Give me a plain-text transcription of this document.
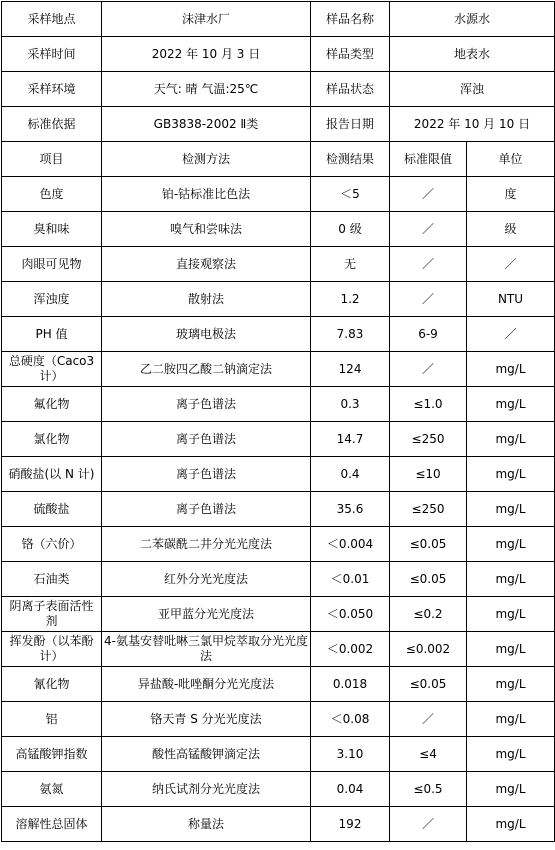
采样地点	沫津水厂	样品名称	水源水	
采样时间	2022 年 10 月 3 日	样品类型	地表水	
采样环境	天气: 晴 气温:25℃	样品状态	浑浊	
标准依据	GB3838-2002 Ⅱ类	报告日期	2022 年 10 月 10 日	
项目	检测方法	检测结果	标准限值	单位
色度	铂-钴标准比色法	＜5	／	度
臭和味	嗅气和尝味法	0 级	／	级
肉眼可见物	直接观察法	无	／	／
浑浊度	散射法	1.2	／	NTU
PH 值	玻璃电极法	7.83	6-9	／
总硬度（Caco3 计）	乙二胺四乙酸二钠滴定法	124	／	mg/L
氟化物	离子色谱法	0.3	≤1.0	mg/L
氯化物	离子色谱法	14.7	≤250	mg/L
硝酸盐(以 N 计)	离子色谱法	0.4	≤10	mg/L
硫酸盐	离子色谱法	35.6	≤250	mg/L
铬（六价）	二苯碳酰二井分光光度法	＜0.004	≤0.05	mg/L
石油类	红外分光光度法	＜0.01	≤0.05	mg/L
阴离子表面活性剂	亚甲蓝分光光度法	＜0.050	≤0.2	mg/L
挥发酚（以苯酚计）	4-氨基安替吡啉三氯甲烷萃取分光光度法	＜0.002	≤0.002	mg/L
氰化物	异盐酸-吡唑酮分光光度法	0.018	≤0.05	mg/L
铝	铬天青 S 分光光度法	＜0.08	／	mg/L
高锰酸钾指数	酸性高锰酸钾滴定法	3.10	≤4	mg/L
氨氮	纳氏试剂分光光度法	0.04	≤0.5	mg/L
溶解性总固体	称量法	192	／	mg/L
